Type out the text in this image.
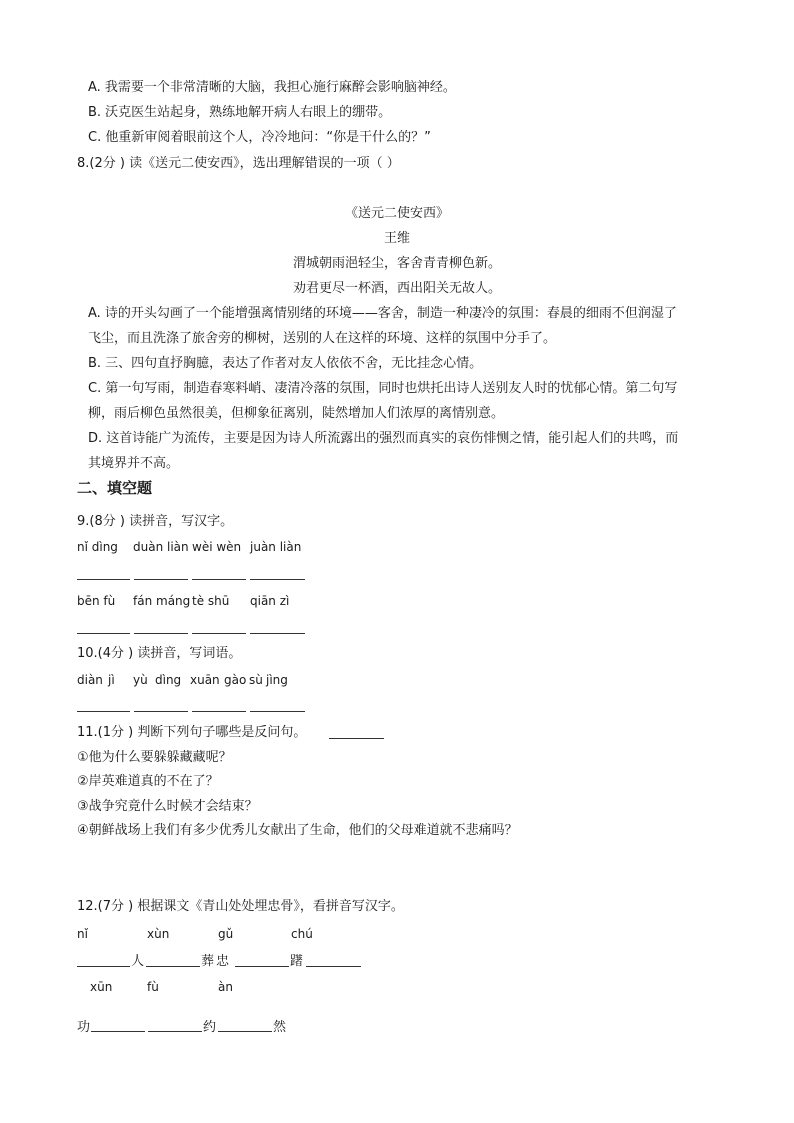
A. 我需要一个非常清晰的大脑，我担心施行麻醉会影响脑神经。
B. 沃克医生站起身，熟练地解开病人右眼上的绷带。
C. 他重新审阅着眼前这个人，冷冷地问：“你是干什么的？”
8.(2分 ) 读《送元二使安西》，选出理解错误的一项（ ）
《送元二使安西》
王维
渭城朝雨浥轻尘，客舍青青柳色新。
劝君更尽一杯酒，西出阳关无故人。
A. 诗的开头勾画了一个能增强离情别绪的环境——客舍，制造一种凄冷的氛围：春晨的细雨不但润湿了
飞尘，而且洗涤了旅舍旁的柳树，送别的人在这样的环境、这样的氛围中分手了。
B. 三、四句直抒胸臆，表达了作者对友人依依不舍，无比挂念心情。
C. 第一句写雨，制造春寒料峭、凄清冷落的氛围，同时也烘托出诗人送别友人时的忧郁心情。第二句写
柳，雨后柳色虽然很美，但柳象征离别，陡然增加人们浓厚的离情别意。
D. 这首诗能广为流传，主要是因为诗人所流露出的强烈而真实的哀伤悱恻之情，能引起人们的共鸣，而
其境界并不高。
二、填空题
9.(8分 ) 读拼音，写汉字。
nǐ dìng duàn liàn wèi wèn juàn liàn
bēn fù fán máng tè shū qiān zì
10.(4分 ) 读拼音，写词语。
diàn jì yù dìng xuān gào sù jìng
11.(1分 ) 判断下列句子哪些是反问句。
①他为什么要躲躲藏藏呢？
②岸英难道真的不在了？
③战争究竟什么时候才会结束？
④朝鲜战场上我们有多少优秀儿女献出了生命，他们的父母难道就不悲痛吗？
12.(7分 ) 根据课文《青山处处埋忠骨》，看拼音写汉字。
nǐ	xùn	gǔ	chú
人	葬 忠	躇
xūn	fù	àn
功	约	然
